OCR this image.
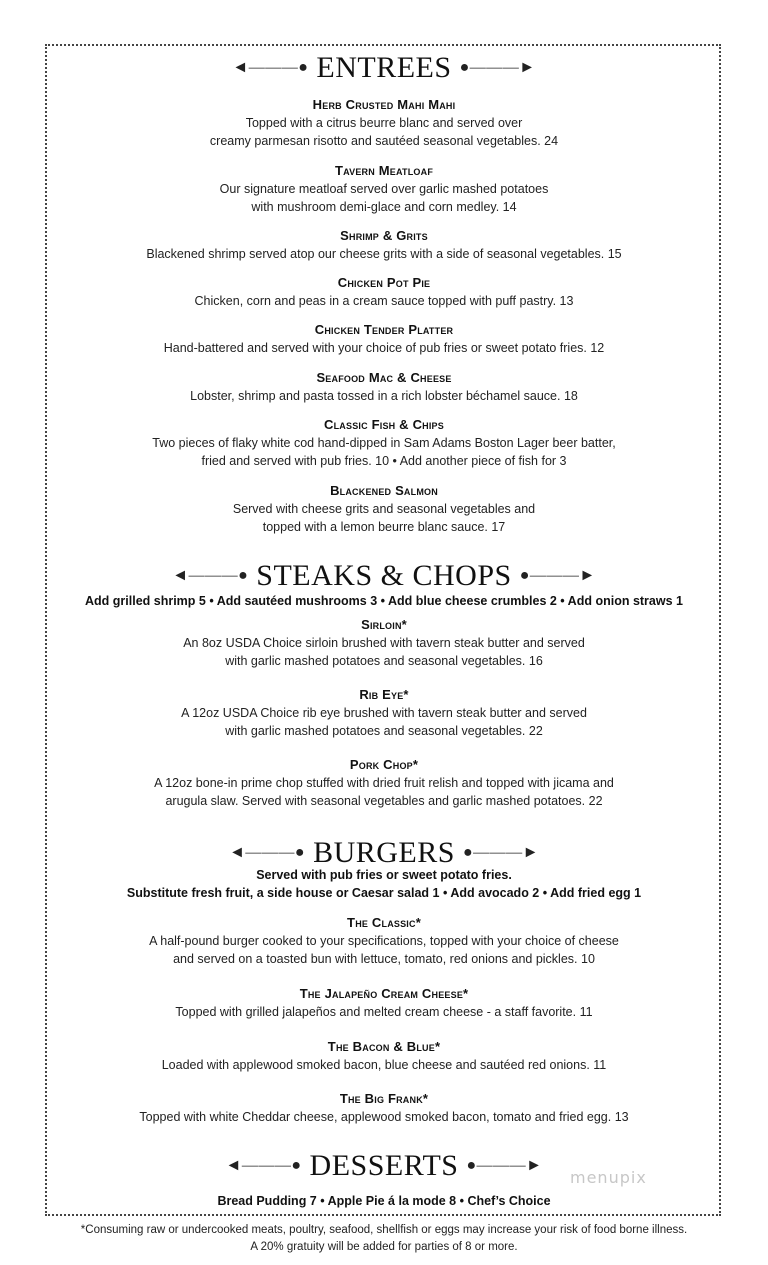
◄———● ENTREES ●———►
Herb Crusted Mahi Mahi
Topped with a citrus beurre blanc and served over
creamy parmesan risotto and sautéed seasonal vegetables. 24
Tavern Meatloaf
Our signature meatloaf served over garlic mashed potatoes
with mushroom demi-glace and corn medley. 14
Shrimp & Grits
Blackened shrimp served atop our cheese grits with a side of seasonal vegetables. 15
Chicken Pot Pie
Chicken, corn and peas in a cream sauce topped with puff pastry. 13
Chicken Tender Platter
Hand-battered and served with your choice of pub fries or sweet potato fries. 12
Seafood Mac & Cheese
Lobster, shrimp and pasta tossed in a rich lobster béchamel sauce. 18
Classic Fish & Chips
Two pieces of flaky white cod hand-dipped in Sam Adams Boston Lager beer batter,
fried and served with pub fries. 10 • Add another piece of fish for 3
Blackened Salmon
Served with cheese grits and seasonal vegetables and
topped with a lemon beurre blanc sauce. 17
◄———● STEAKS & CHOPS ●———►
Add grilled shrimp 5 • Add sautéed mushrooms 3 • Add blue cheese crumbles 2 • Add onion straws 1
Sirloin*
An 8oz USDA Choice sirloin brushed with tavern steak butter and served
with garlic mashed potatoes and seasonal vegetables. 16
Rib Eye*
A 12oz USDA Choice rib eye brushed with tavern steak butter and served
with garlic mashed potatoes and seasonal vegetables. 22
Pork Chop*
A 12oz bone-in prime chop stuffed with dried fruit relish and topped with jicama and
arugula slaw. Served with seasonal vegetables and garlic mashed potatoes. 22
◄———● BURGERS ●———►
Served with pub fries or sweet potato fries.
Substitute fresh fruit, a side house or Caesar salad 1 • Add avocado 2 • Add fried egg 1
The Classic*
A half-pound burger cooked to your specifications, topped with your choice of cheese
and served on a toasted bun with lettuce, tomato, red onions and pickles. 10
The Jalapeño Cream Cheese*
Topped with grilled jalapeños and melted cream cheese - a staff favorite. 11
The Bacon & Blue*
Loaded with applewood smoked bacon, blue cheese and sautéed red onions. 11
The Big Frank*
Topped with white Cheddar cheese, applewood smoked bacon, tomato and fried egg. 13
◄———● DESSERTS ●———►
Bread Pudding 7 • Apple Pie á la mode 8 • Chef’s Choice
menupix
*Consuming raw or undercooked meats, poultry, seafood, shellfish or eggs may increase your risk of food borne illness.
A 20% gratuity will be added for parties of 8 or more.
